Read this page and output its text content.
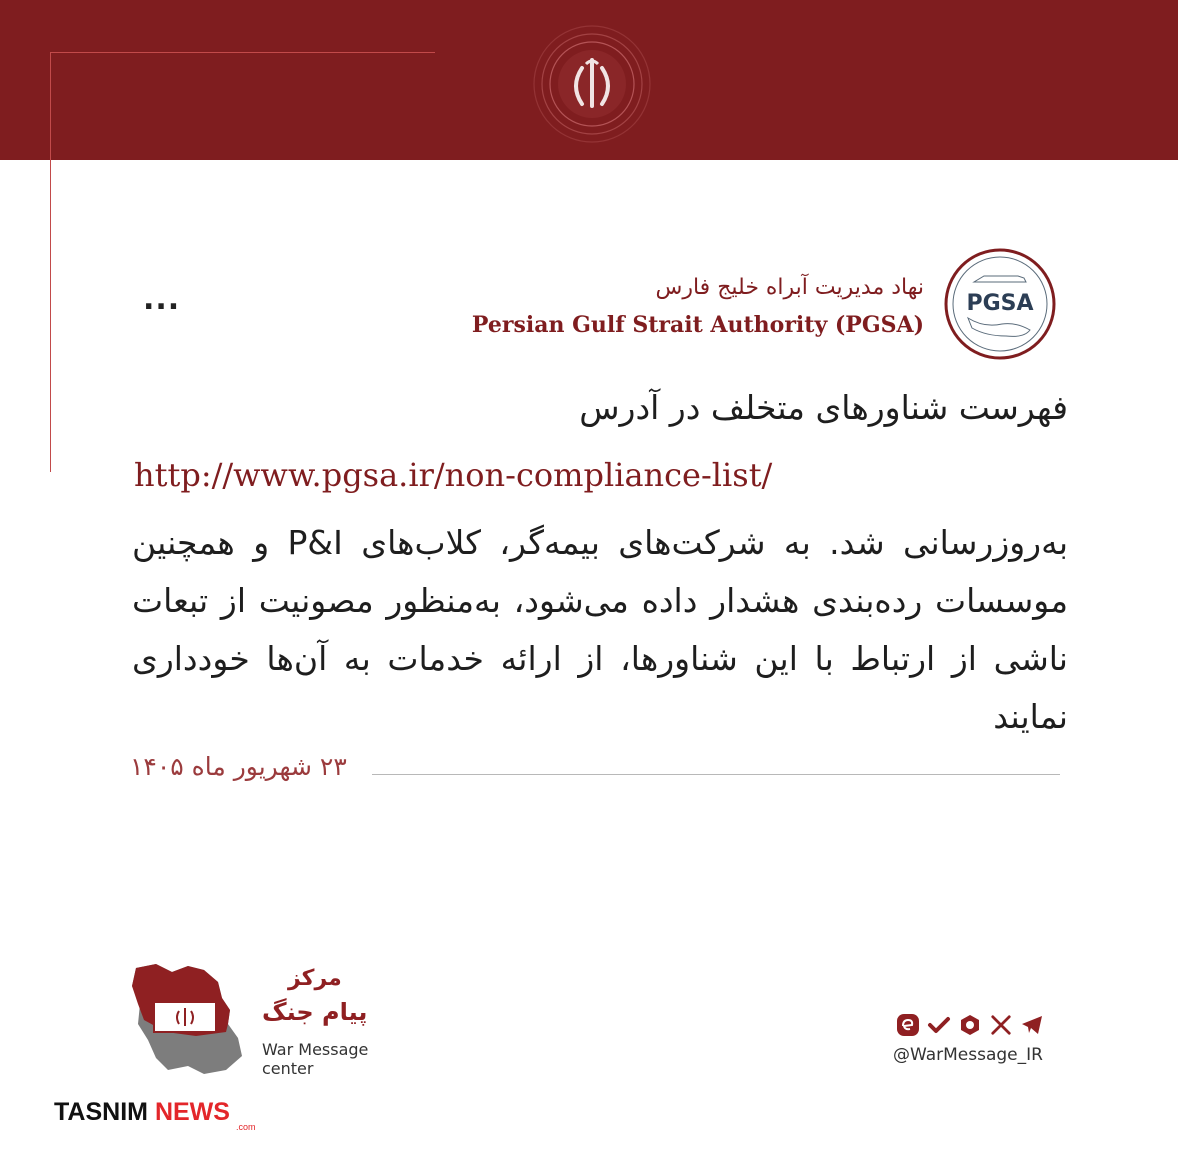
...	PGSA
نهاد مدیریت آبراه خلیج فارس
Persian Gulf Strait Authority (PGSA)
فهرست شناورهای متخلف در آدرس
http://www.pgsa.ir/non-compliance-list/
به‌روزرسانی شد. به شرکت‌های بیمه‌گر، کلاب‌های P&I و همچنین موسسات رده‌بندی هشدار داده می‌شود، به‌منظور مصونیت از تبعات ناشی از ارتباط با این شناورها، از ارائه خدمات به آن‌ها خودداری نمایند
۲۳ شهریور ماه ۱۴۰۵
مرکز
پیام جنگ
War Message center
@WarMessage_IR
TASNIM NEWS
.com
